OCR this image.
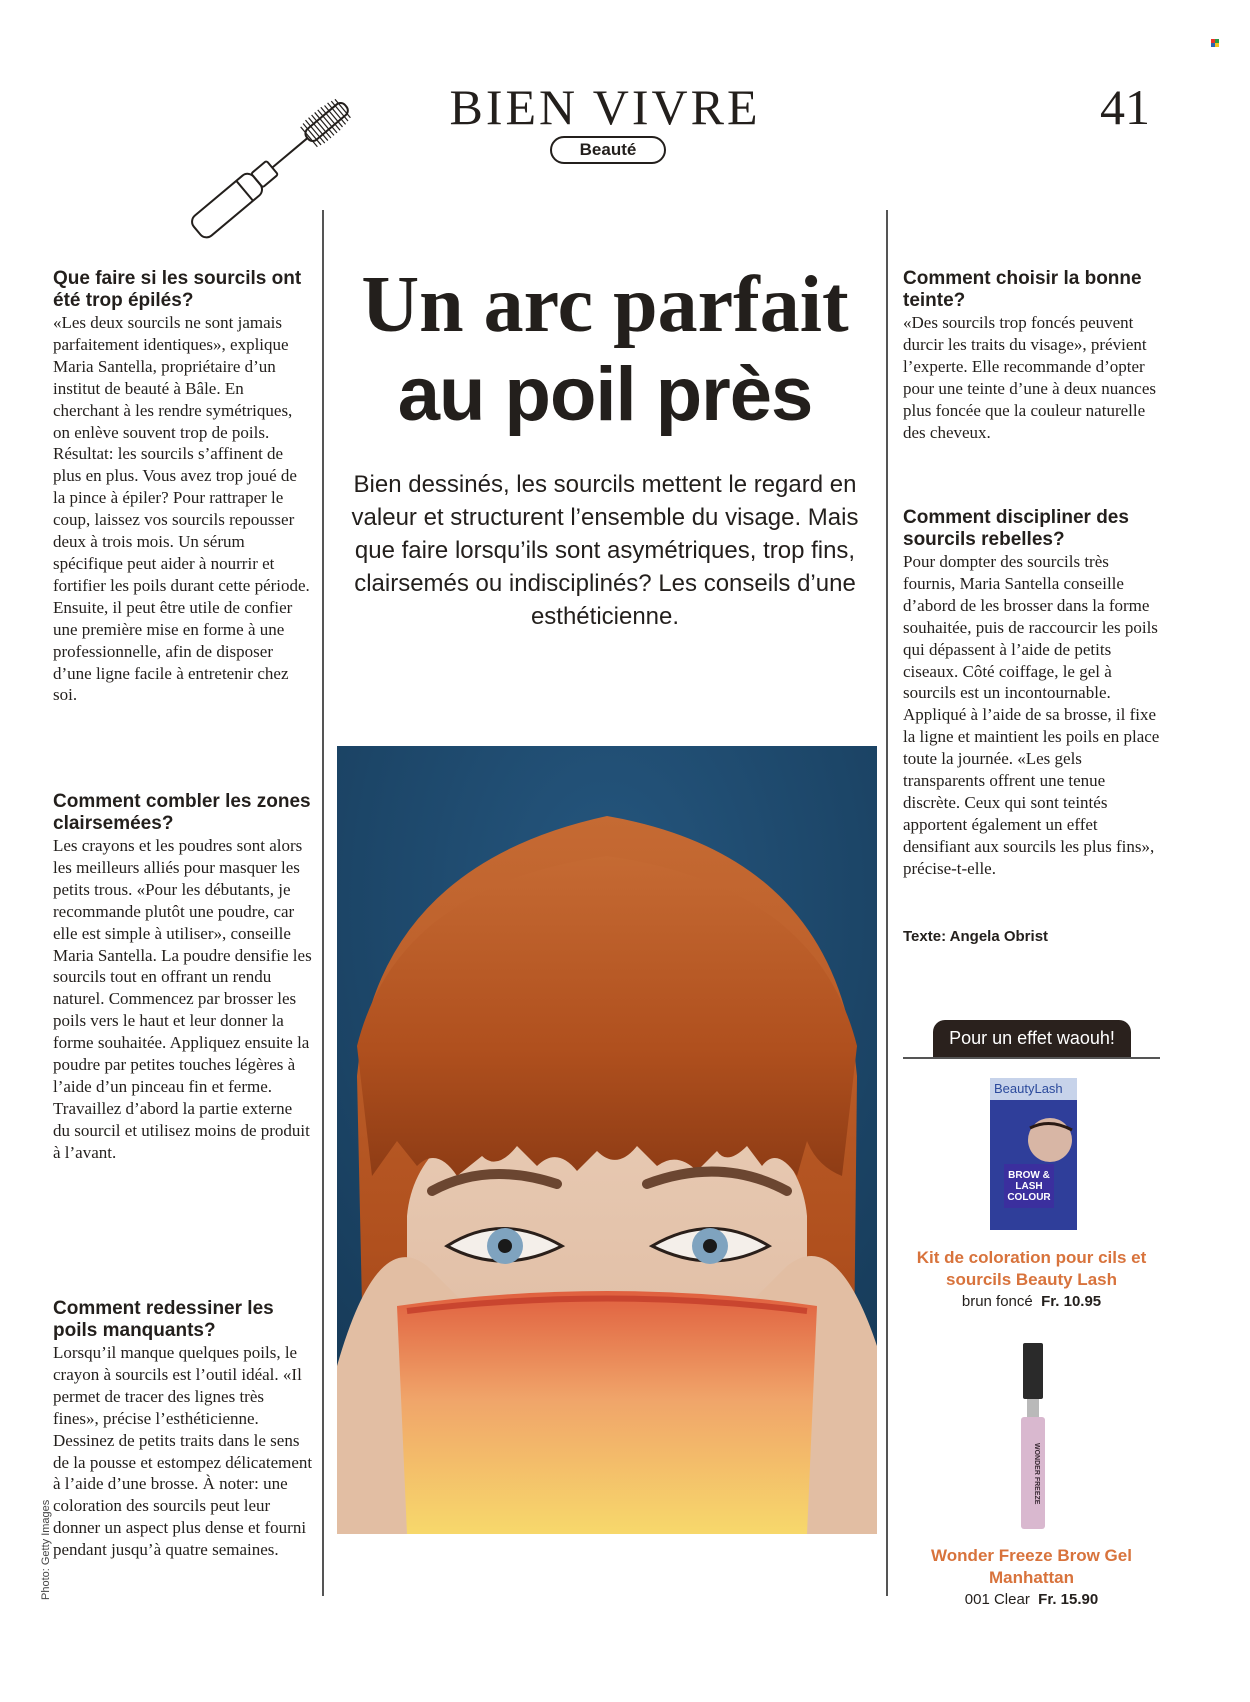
BIEN VIVRE
Beauté
41
Que faire si les sourcils ont été trop épilés?

«Les deux sourcils ne sont jamais parfaitement identiques», explique Maria Santella, propriétaire d’un institut de beauté à Bâle. En cherchant à les rendre symétriques, on enlève souvent trop de poils. Résultat: les sourcils s’affinent de plus en plus. Vous avez trop joué de la pince à épiler? Pour rattraper le coup, laissez vos sourcils repousser deux à trois mois. Un sérum spécifique peut aider à nourrir et fortifier les poils durant cette période. Ensuite, il peut être utile de confier une première mise en forme à une professionnelle, afin de disposer d’une ligne facile à entretenir chez soi.

Comment combler les zones clairsemées?

Les crayons et les poudres sont alors les meilleurs alliés pour masquer les petits trous. «Pour les débutants, je recommande plutôt une poudre, car elle est simple à utiliser», conseille Maria Santella. La poudre densifie les sourcils tout en offrant un rendu naturel. Commencez par brosser les poils vers le haut et leur donner la forme souhaitée. Appliquez ensuite la poudre par petites touches légères à l’aide d’un pinceau fin et ferme. Travaillez d’abord la partie externe du sourcil et utilisez moins de produit à l’avant.

Comment redessiner les poils manquants?

Lorsqu’il manque quelques poils, le crayon à sourcils est l’outil idéal. «Il permet de tracer des lignes très fines», précise l’esthéticienne. Dessinez de petits traits dans le sens de la pousse et estompez délicatement à l’aide d’une brosse. À noter: une coloration des sourcils peut leur donner un aspect plus dense et fourni pendant jusqu’à quatre semaines.

Un arc parfait
au poil près

Bien dessinés, les sourcils mettent le regard en valeur et structurent l’ensemble du visage. Mais que faire lorsqu’ils sont asymétriques, trop fins, clairsemés ou indisciplinés? Les conseils d’une esthéticienne.

Photo: Getty Images
Comment choisir la bonne teinte?

«Des sourcils trop foncés peuvent durcir les traits du visage», prévient l’experte. Elle recommande d’opter pour une teinte d’une à deux nuances plus foncée que la couleur naturelle des cheveux.

Comment discipliner des sourcils rebelles?

Pour dompter des sourcils très fournis, Maria Santella conseille d’abord de les brosser dans la forme souhaitée, puis de raccourcir les poils qui dépassent à l’aide de petits ciseaux. Côté coiffage, le gel à sourcils est un incontournable. Appliqué à l’aide de sa brosse, il fixe la ligne et maintient les poils en place toute la journée. «Les gels transparents offrent une tenue discrète. Ceux qui sont teintés apportent également un effet densifiant aux sourcils les plus fins», précise-t-elle.

Texte: Angela Obrist

Pour un effet waouh!
BeautyLash
BROW & LASH COLOUR

Kit de coloration pour cils et sourcils Beauty Lash

brun foncé Fr. 10.95

WONDER FREEZE

Wonder Freeze Brow Gel Manhattan

001 Clear Fr. 15.90
